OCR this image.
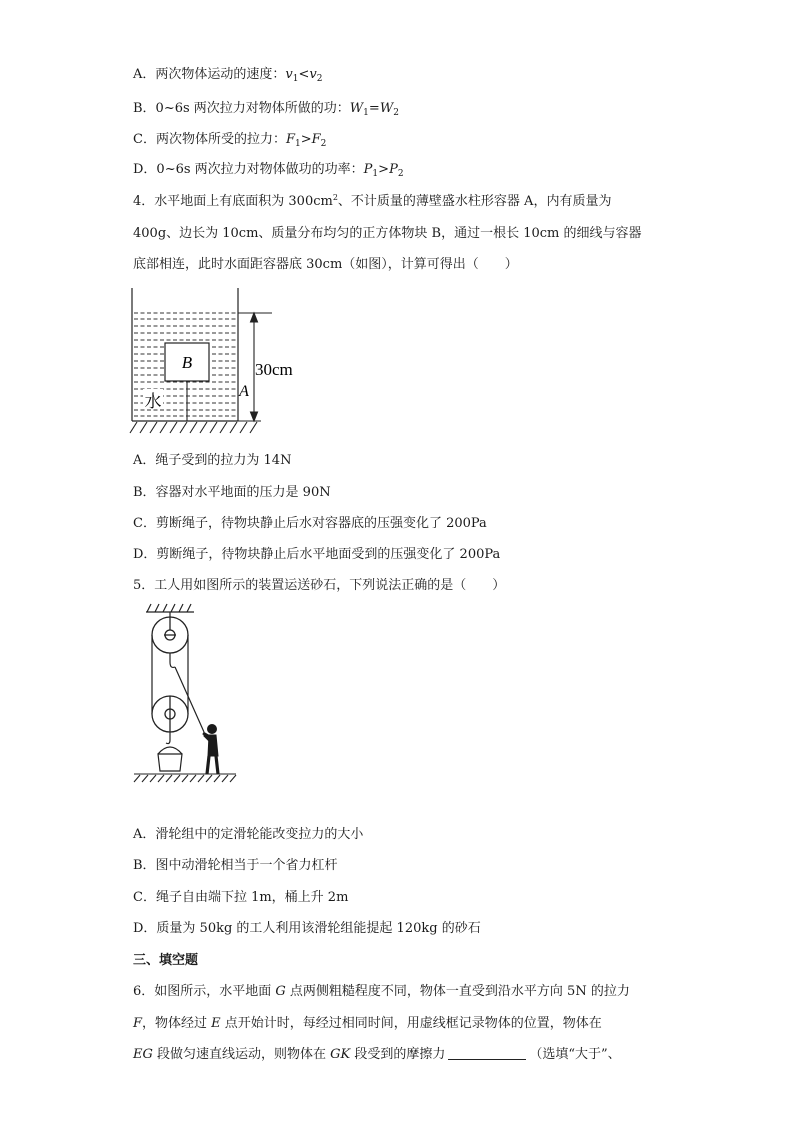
A．两次物体运动的速度：$v_1<v_2$
B．0~6s 两次拉力对物体所做的功：$W_1=W_2$
C．两次物体所受的拉力：$F_1>F_2$
D．0~6s 两次拉力对物体做功的功率：$P_1>P_2$
4．水平地面上有底面积为 $300cm^2$、不计质量的薄壁盛水柱形容器 A，内有质量为
400g、边长为 10cm、质量分布均匀的正方体物块 B，通过一根长 10cm 的细线与容器
底部相连，此时水面距容器底 30cm（如图），计算可得出（　　）
B
水
A
30cm
A．绳子受到的拉力为 14N
B．容器对水平地面的压力是 90N
C．剪断绳子，待物块静止后水对容器底的压强变化了 200Pa
D．剪断绳子，待物块静止后水平地面受到的压强变化了 200Pa
5．工人用如图所示的装置运送砂石，下列说法正确的是（　　）
A．滑轮组中的定滑轮能改变拉力的大小
B．图中动滑轮相当于一个省力杠杆
C．绳子自由端下拉 1m，桶上升 2m
D．质量为 50kg 的工人利用该滑轮组能提起 120kg 的砂石
三、填空题
6．如图所示，水平地面 G 点两侧粗糙程度不同，物体一直受到沿水平方向 5N 的拉力
F，物体经过 E 点开始计时，每经过相同时间，用虚线框记录物体的位置，物体在
EG 段做匀速直线运动，则物体在 GK 段受到的摩擦力	（选填“大于”、
